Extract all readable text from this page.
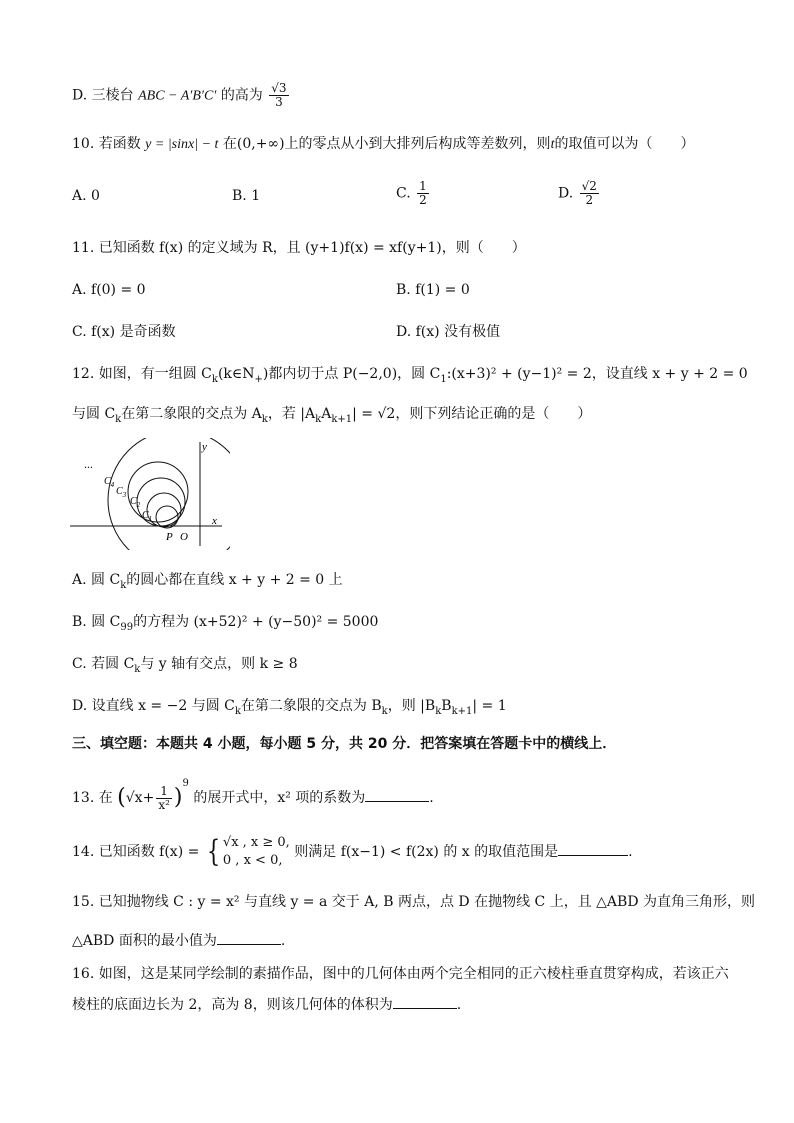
D. 三棱台 ABC − A′B′C′ 的高为 $\frac{√3}{3}$
10. 若函数 y = |sinx| − t 在(0,+∞)上的零点从小到大排列后构成等差数列，则t的取值可以为（　　）
A. 0	B. 1	C. $\frac{1}{2}$	D. $\frac{√2}{2}$
11. 已知函数 f(x) 的定义域为 R，且 (y+1)f(x) = xf(y+1)，则（　　）
A. f(0) = 0	B. f(1) = 0
C. f(x) 是奇函数	D. f(x) 没有极值
12. 如图，有一组圆 $C_k(k\in N_+)$都内切于点 P(−2,0)，圆 $C_1:(x+3)^2 + (y-1)^2 = 2$，设直线 x + y + 2 = 0
与圆 $C_k$在第二象限的交点为 $A_k$，若 $|A_kA_{k+1}| = √2$，则下列结论正确的是（　　）
...
y
x
P O
$C_4$
$C_3$
$C_2$
$C_1$
A. 圆 $C_k$的圆心都在直线 x + y + 2 = 0 上
B. 圆 $C_{99}$的方程为 (x+52)² + (y−50)² = 5000
C. 若圆 $C_k$与 y 轴有交点，则 k ≥ 8
D. 设直线 x = −2 与圆 $C_k$在第二象限的交点为 $B_k$，则 $|B_kB_{k+1}| = 1$
三、填空题：本题共 4 小题，每小题 5 分，共 20 分．把答案填在答题卡中的横线上．
13. 在 $(√x+ \frac{1}{\text{x²}} )^9$ 的展开式中，x² 项的系数为	.
14. 已知函数 f(x) = { √x , x ≥ 0,
0 , x < 0,
则满足 f(x−1) < f(2x) 的 x 的取值范围是	.
15. 已知抛物线 C : y = x² 与直线 y = a 交于 A, B 两点，点 D 在抛物线 C 上，且 △ABD 为直角三角形，则
△ABD 面积的最小值为	.
16. 如图，这是某同学绘制的素描作品，图中的几何体由两个完全相同的正六棱柱垂直贯穿构成，若该正六
棱柱的底面边长为 2，高为 8，则该几何体的体积为	.
